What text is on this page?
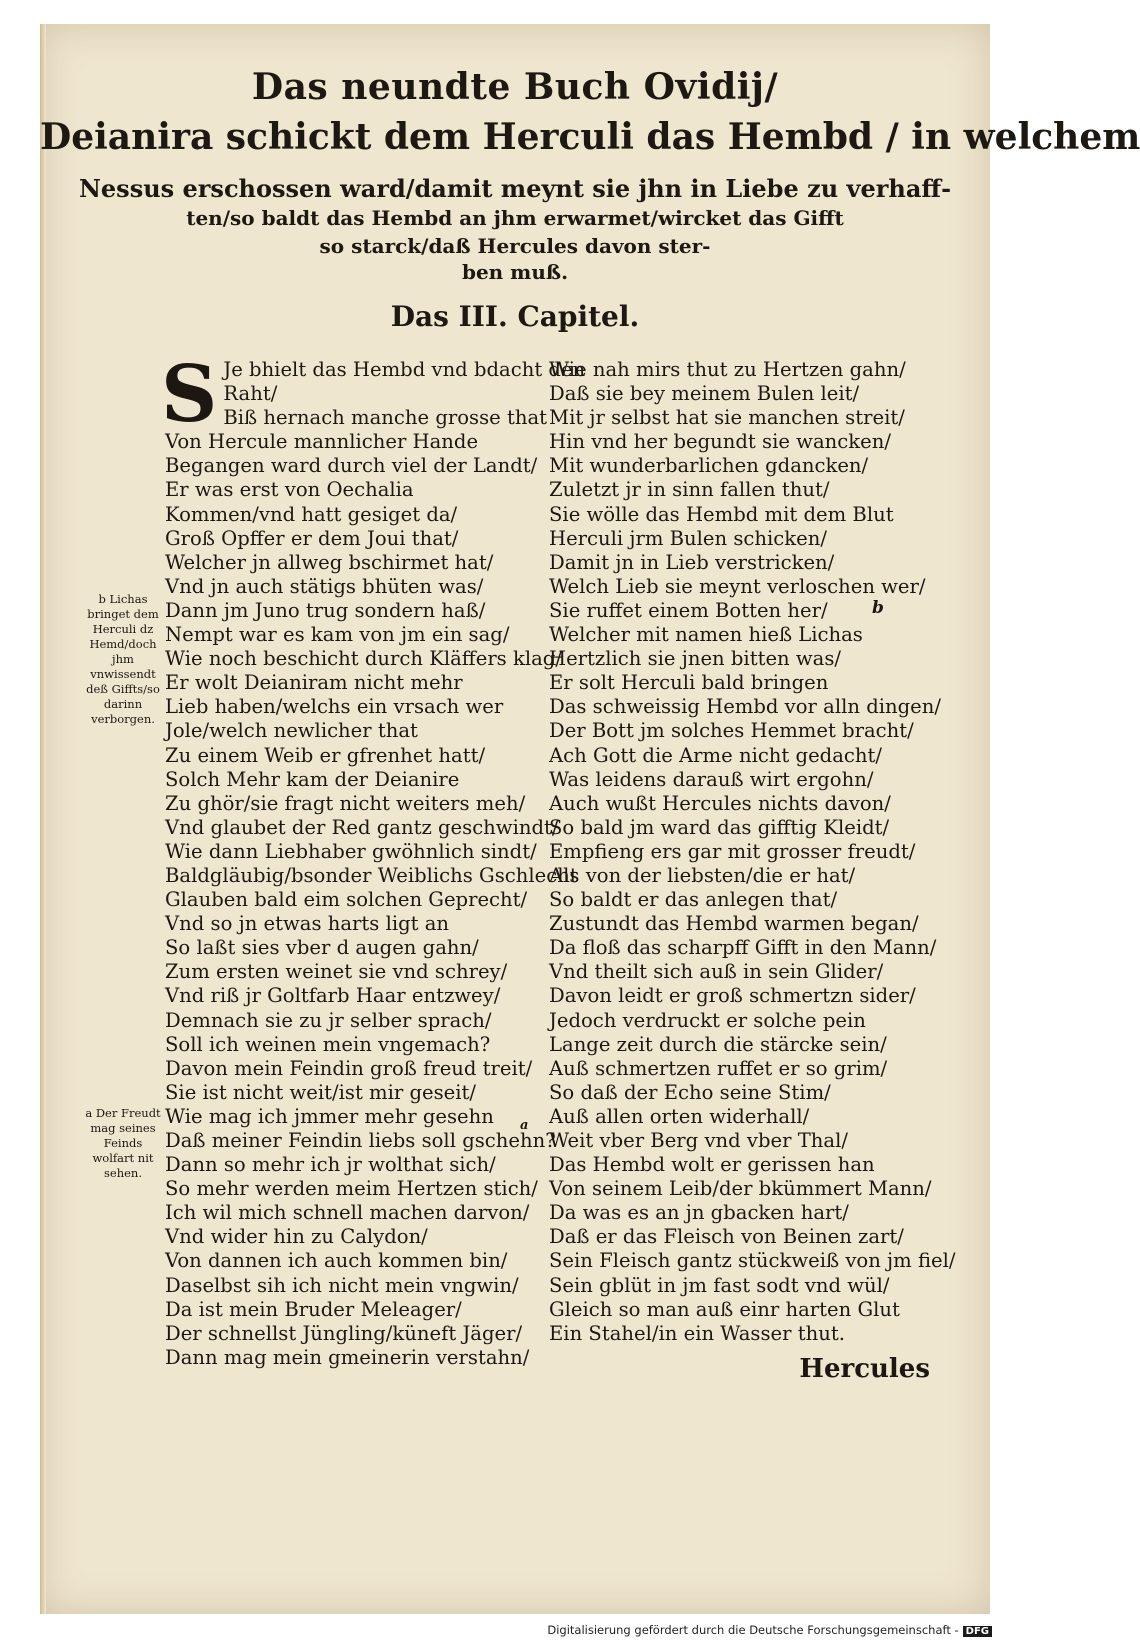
Das neundte Buch Ovidij/
Deianira schickt dem Herculi das Hembd / in welchem
Nessus erschossen ward/damit meynt sie jhn in Liebe zu verhaff-
ten/so baldt das Hembd an jhm erwarmet/wircket das Gifft
so starck/daß Hercules davon ster-
ben muß.
Das III. Capitel.
b Lichas bringet dem Herculi dz Hemd/doch jhm vnwissendt deß Giffts/so darinn verborgen.
a Der Freudt mag seines Feinds wolfart nit sehen.
b
a
S Je bhielt das Hembd vnd bdacht den
Raht/
Biß hernach manche grosse that
Von Hercule mannlicher Hande
Begangen ward durch viel der Landt/
Er was erst von Oechalia
Kommen/vnd hatt gesiget da/
Groß Opffer er dem Joui that/
Welcher jn allweg bschirmet hat/
Vnd jn auch stätigs bhüten was/
Dann jm Juno trug sondern haß/
Nempt war es kam von jm ein sag/
Wie noch beschicht durch Kläffers klag/
Er wolt Deianiram nicht mehr
Lieb haben/welchs ein vrsach wer
Jole/welch newlicher that
Zu einem Weib er gfrenhet hatt/
Solch Mehr kam der Deianire
Zu ghör/sie fragt nicht weiters meh/
Vnd glaubet der Red gantz geschwindt/
Wie dann Liebhaber gwöhnlich sindt/
Baldgläubig/bsonder Weiblichs Gschlecht
Glauben bald eim solchen Geprecht/
Vnd so jn etwas harts ligt an
So laßt sies vber d augen gahn/
Zum ersten weinet sie vnd schrey/
Vnd riß jr Goltfarb Haar entzwey/
Demnach sie zu jr selber sprach/
Soll ich weinen mein vngemach?
Davon mein Feindin groß freud treit/
Sie ist nicht weit/ist mir geseit/
Wie mag ich jmmer mehr gesehn
Daß meiner Feindin liebs soll gschehn?
Dann so mehr ich jr wolthat sich/
So mehr werden meim Hertzen stich/
Ich wil mich schnell machen darvon/
Vnd wider hin zu Calydon/
Von dannen ich auch kommen bin/
Daselbst sih ich nicht mein vngwin/
Da ist mein Bruder Meleager/
Der schnellst Jüngling/küneft Jäger/
Dann mag mein gmeinerin verstahn/
Wie nah mirs thut zu Hertzen gahn/
Daß sie bey meinem Bulen leit/
Mit jr selbst hat sie manchen streit/
Hin vnd her begundt sie wancken/
Mit wunderbarlichen gdancken/
Zuletzt jr in sinn fallen thut/
Sie wölle das Hembd mit dem Blut
Herculi jrm Bulen schicken/
Damit jn in Lieb verstricken/
Welch Lieb sie meynt verloschen wer/
Sie ruffet einem Botten her/
Welcher mit namen hieß Lichas
Hertzlich sie jnen bitten was/
Er solt Herculi bald bringen
Das schweissig Hembd vor alln dingen/
Der Bott jm solches Hemmet bracht/
Ach Gott die Arme nicht gedacht/
Was leidens darauß wirt ergohn/
Auch wußt Hercules nichts davon/
So bald jm ward das gifftig Kleidt/
Empfieng ers gar mit grosser freudt/
Als von der liebsten/die er hat/
So baldt er das anlegen that/
Zustundt das Hembd warmen began/
Da floß das scharpff Gifft in den Mann/
Vnd theilt sich auß in sein Glider/
Davon leidt er groß schmertzn sider/
Jedoch verdruckt er solche pein
Lange zeit durch die stärcke sein/
Auß schmertzen ruffet er so grim/
So daß der Echo seine Stim/
Auß allen orten widerhall/
Weit vber Berg vnd vber Thal/
Das Hembd wolt er gerissen han
Von seinem Leib/der bkümmert Mann/
Da was es an jn gbacken hart/
Daß er das Fleisch von Beinen zart/
Sein Fleisch gantz stückweiß von jm fiel/
Sein gblüt in jm fast sodt vnd wül/
Gleich so man auß einr harten Glut
Ein Stahel/in ein Wasser thut.
Hercules
Digitalisierung gefördert durch die Deutsche Forschungsgemeinschaft - DFG
